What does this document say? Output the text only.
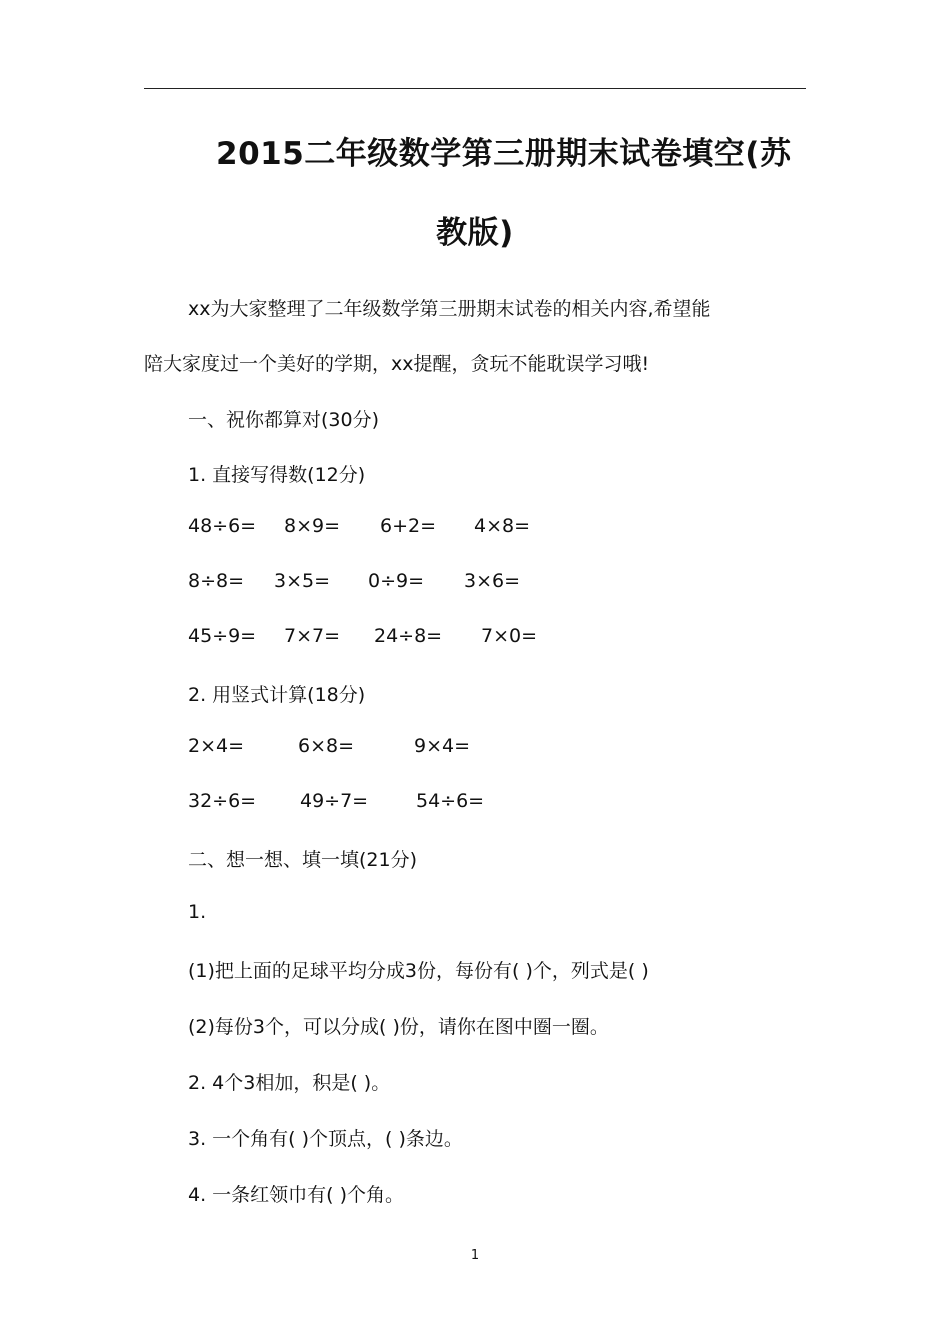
2015二年级数学第三册期末试卷填空(苏
教版)
xx为大家整理了二年级数学第三册期末试卷的相关内容,希望能
陪大家度过一个美好的学期，xx提醒，贪玩不能耽误学习哦!
一、祝你都算对(30分)
1. 直接写得数(12分)
48÷6= 8×9= 6+2= 4×8=
8÷8= 3×5= 0÷9= 3×6=
45÷9= 7×7= 24÷8= 7×0=
2. 用竖式计算(18分)
2×4=	6×8=	9×4=
32÷6= 49÷7=	54÷6=
二、想一想、填一填(21分)
1.
(1)把上面的足球平均分成3份，每份有( )个，列式是( )
(2)每份3个，可以分成( )份，请你在图中圈一圈。
2. 4个3相加，积是( )。
3. 一个角有( )个顶点，( )条边。
4. 一条红领巾有( )个角。
1
